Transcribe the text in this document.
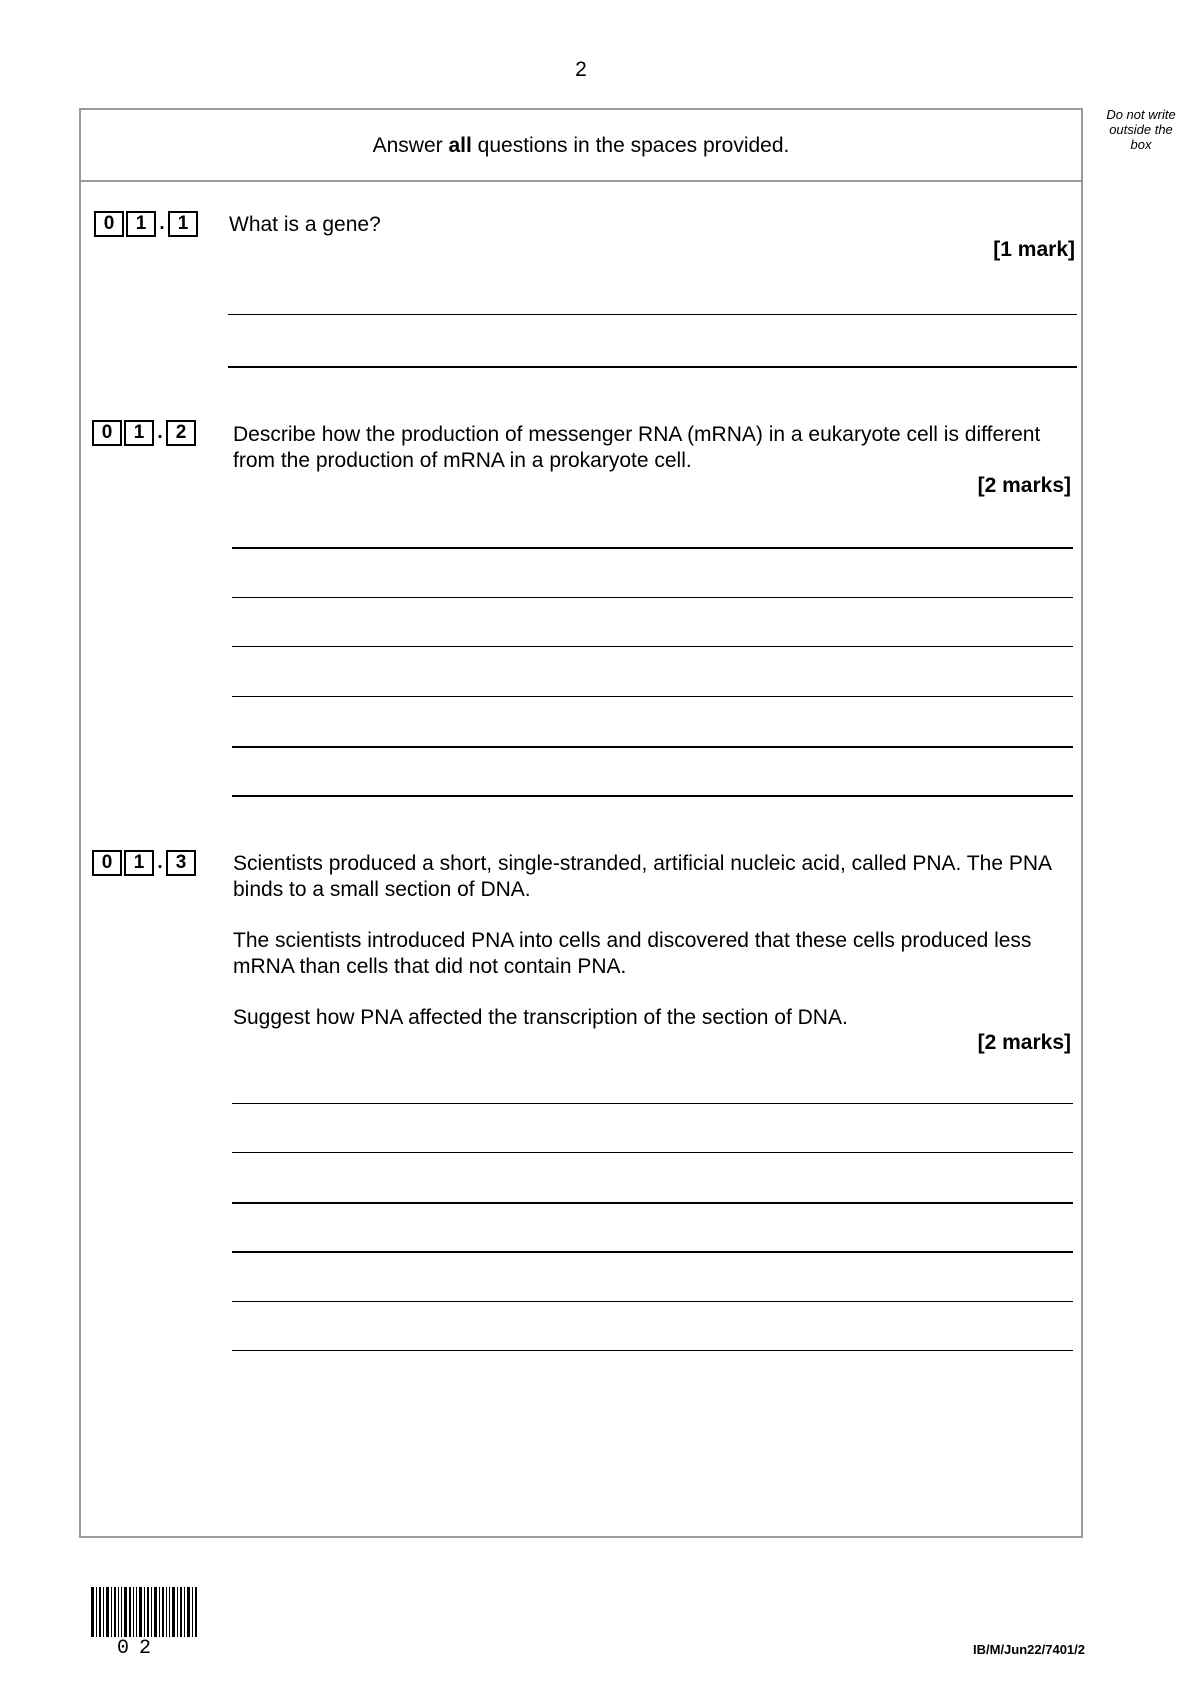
2
Do not write
outside the
box
Answer all questions in the spaces provided.
0	1 . 1	What is a gene?

[1 mark]
0	1 . 2	Describe how the production of messenger RNA (mRNA) in a eukaryote cell is different from the production of mRNA in a prokaryote cell.

[2 marks]
0	1 . 3	Scientists produced a short, single-stranded, artificial nucleic acid, called PNA. The PNA binds to a small section of DNA.

The scientists introduced PNA into cells and discovered that these cells produced less mRNA than cells that did not contain PNA.

Suggest how PNA affected the transcription of the section of DNA.

[2 marks]
02	IB/M/Jun22/7401/2
